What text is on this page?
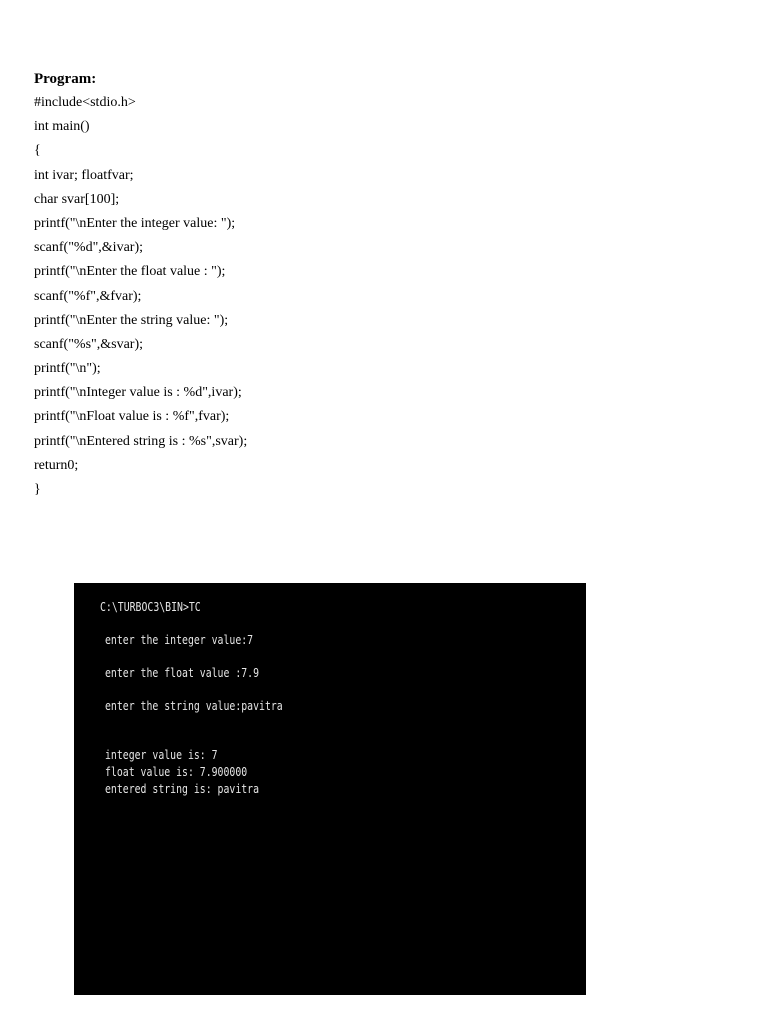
Program:
#include<stdio.h>
int main()
{
int ivar; floatfvar;
char svar[100];
printf("\nEnter the integer value: ");
scanf("%d",&ivar);
printf("\nEnter the float value : ");
scanf("%f",&fvar);
printf("\nEnter the string value: ");
scanf("%s",&svar);
printf("\n");
printf("\nInteger value is : %d",ivar);
printf("\nFloat value is : %f",fvar);
printf("\nEntered string is : %s",svar);
return0;
}
C:\TURBOC3\BIN>TC
enter the integer value:7
enter the float value :7.9
enter the string value:pavitra
integer value is: 7
float value is: 7.900000
entered string is: pavitra
